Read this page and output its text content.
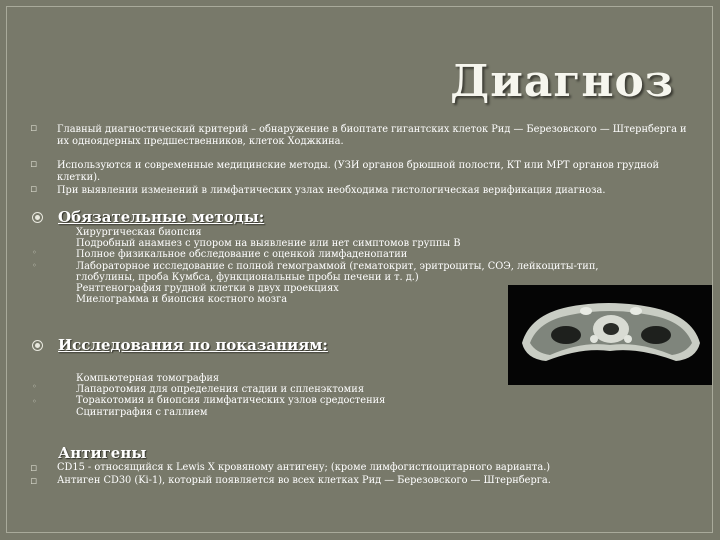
Диагноз
▫ Главный диагностический критерий – обнаружение в биоптате гигантских клеток Рид — Березовского — Штернберга и их одноядерных предшественников, клеток Ходжкина.
▫ Используются и современные медицинские методы. (УЗИ органов брюшной полости, КТ или МРТ органов грудной клетки).
▫ При выявлении изменений в лимфатических узлах необходима гистологическая верификация диагноза.
Обязательные методы:
◦
◦
Хирургическая биопсия
Подробный анамнез с упором на выявление или нет симптомов группы В
Полное физикальное обследование с оценкой лимфаденопатии
Лабораторное исследование с полной гемограммой (гематокрит, эритроциты, СОЭ, лейкоциты-тип,
глобулины, проба Кумбса, функциональные пробы печени и т. д.)
Рентгенография грудной клетки в двух проекциях
Миелограмма и биопсия костного мозга
Исследования по показаниям:
◦
◦
Компьютерная томография
Лапаротомия для определения стадии и спленэктомия
Торакотомия и биопсия лимфатических узлов средостения
Сцинтиграфия с галлием
Антигены
▫
▫
CD15 - относящийся к Lewis X кровяному антигену; (кроме лимфогистиоцитарного варианта.)
Антиген CD30 (Ki-1), который появляется во всех клетках Рид — Березовского — Штернберга.
